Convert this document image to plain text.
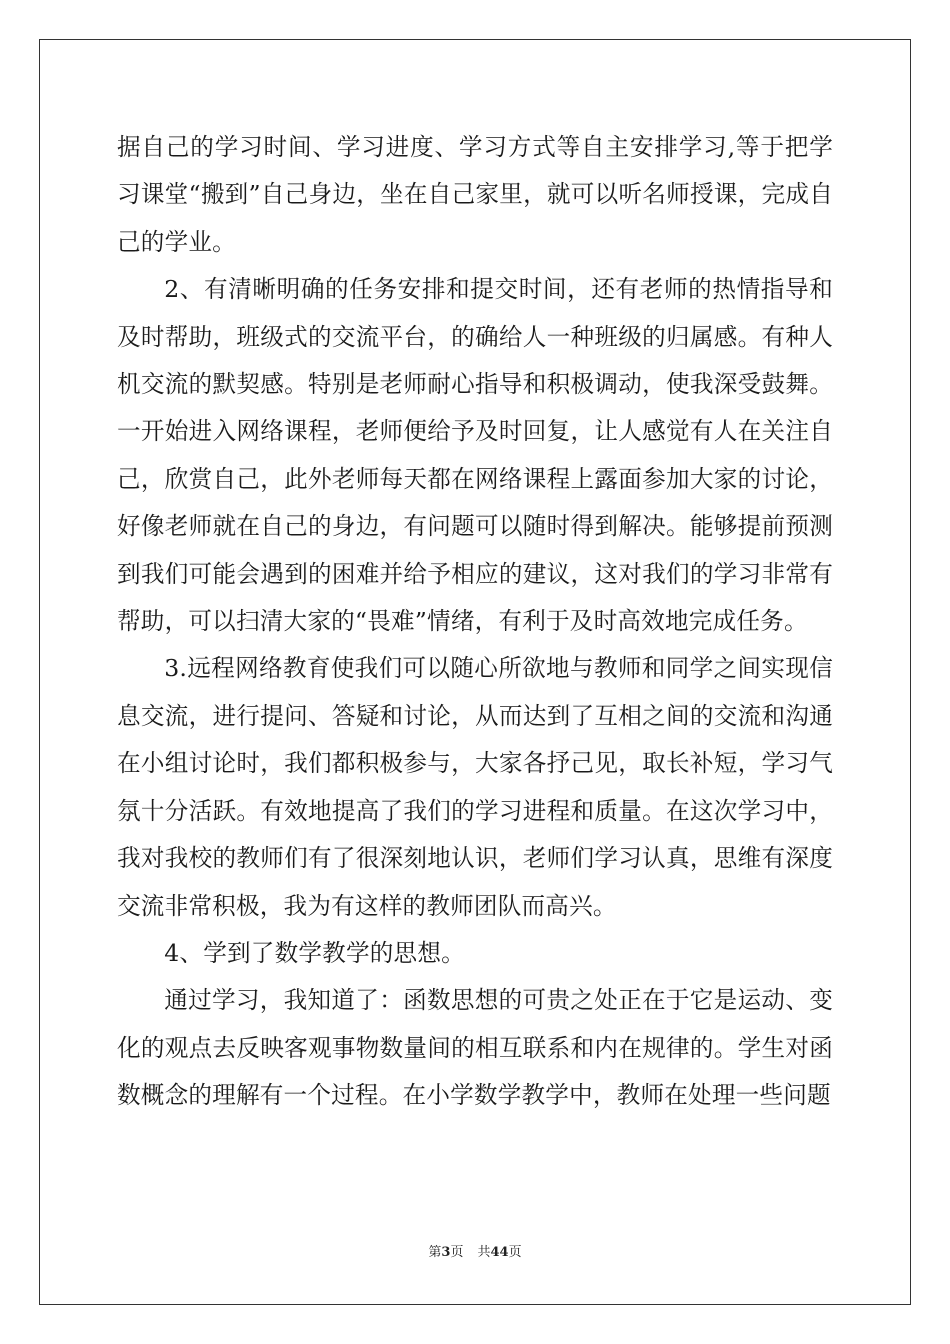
据自己的学习时间、学习进度、学习方式等自主安排学习,等于把学习课堂“搬到”自己身边，坐在自己家里，就可以听名师授课，完成自己的学业。

2、有清晰明确的任务安排和提交时间，还有老师的热情指导和及时帮助，班级式的交流平台，的确给人一种班级的归属感。有种人机交流的默契感。特别是老师耐心指导和积极调动，使我深受鼓舞。一开始进入网络课程，老师便给予及时回复，让人感觉有人在关注自己，欣赏自己，此外老师每天都在网络课程上露面参加大家的讨论，好像老师就在自己的身边，有问题可以随时得到解决。能够提前预测到我们可能会遇到的困难并给予相应的建议，这对我们的学习非常有帮助，可以扫清大家的“畏难”情绪，有利于及时高效地完成任务。

3.远程网络教育使我们可以随心所欲地与教师和同学之间实现信息交流，进行提问、答疑和讨论，从而达到了互相之间的交流和沟通在小组讨论时，我们都积极参与，大家各抒己见，取长补短，学习气氛十分活跃。有效地提高了我们的学习进程和质量。在这次学习中，我对我校的教师们有了很深刻地认识，老师们学习认真，思维有深度交流非常积极，我为有这样的教师团队而高兴。

4、学到了数学教学的思想。

通过学习，我知道了：函数思想的可贵之处正在于它是运动、变化的观点去反映客观事物数量间的相互联系和内在规律的。学生对函数概念的理解有一个过程。在小学数学教学中，教师在处理一些问题

第3页 共44页
